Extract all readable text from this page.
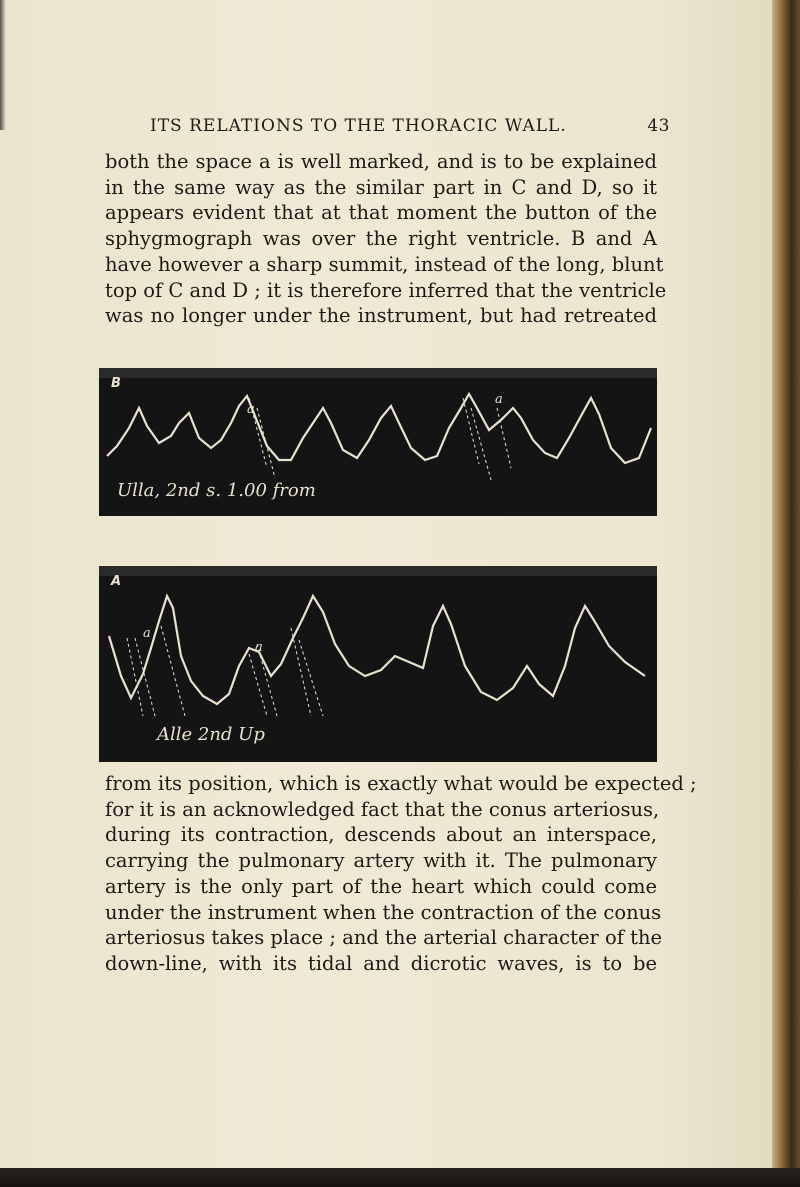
ITS RELATIONS TO THE THORACIC WALL.	43

both the space a is well marked, and is to be explained
in the same way as the similar part in C and D, so it
appears evident that at that moment the button of the
sphygmograph was over the right ventricle. B and A
have however a sharp summit, instead of the long, blunt
top of C and D ; it is therefore inferred that the ventricle
was no longer under the instrument, but had retreated

B
a
a
Ulla, 2nd s. 1.00 from
A
a
a
Alle 2nd Up

from its position, which is exactly what would be expected ;
for it is an acknowledged fact that the conus arteriosus,
during its contraction, descends about an interspace,
carrying the pulmonary artery with it. The pulmonary
artery is the only part of the heart which could come
under the instrument when the contraction of the conus
arteriosus takes place ; and the arterial character of the
down-line, with its tidal and dicrotic waves, is to be
